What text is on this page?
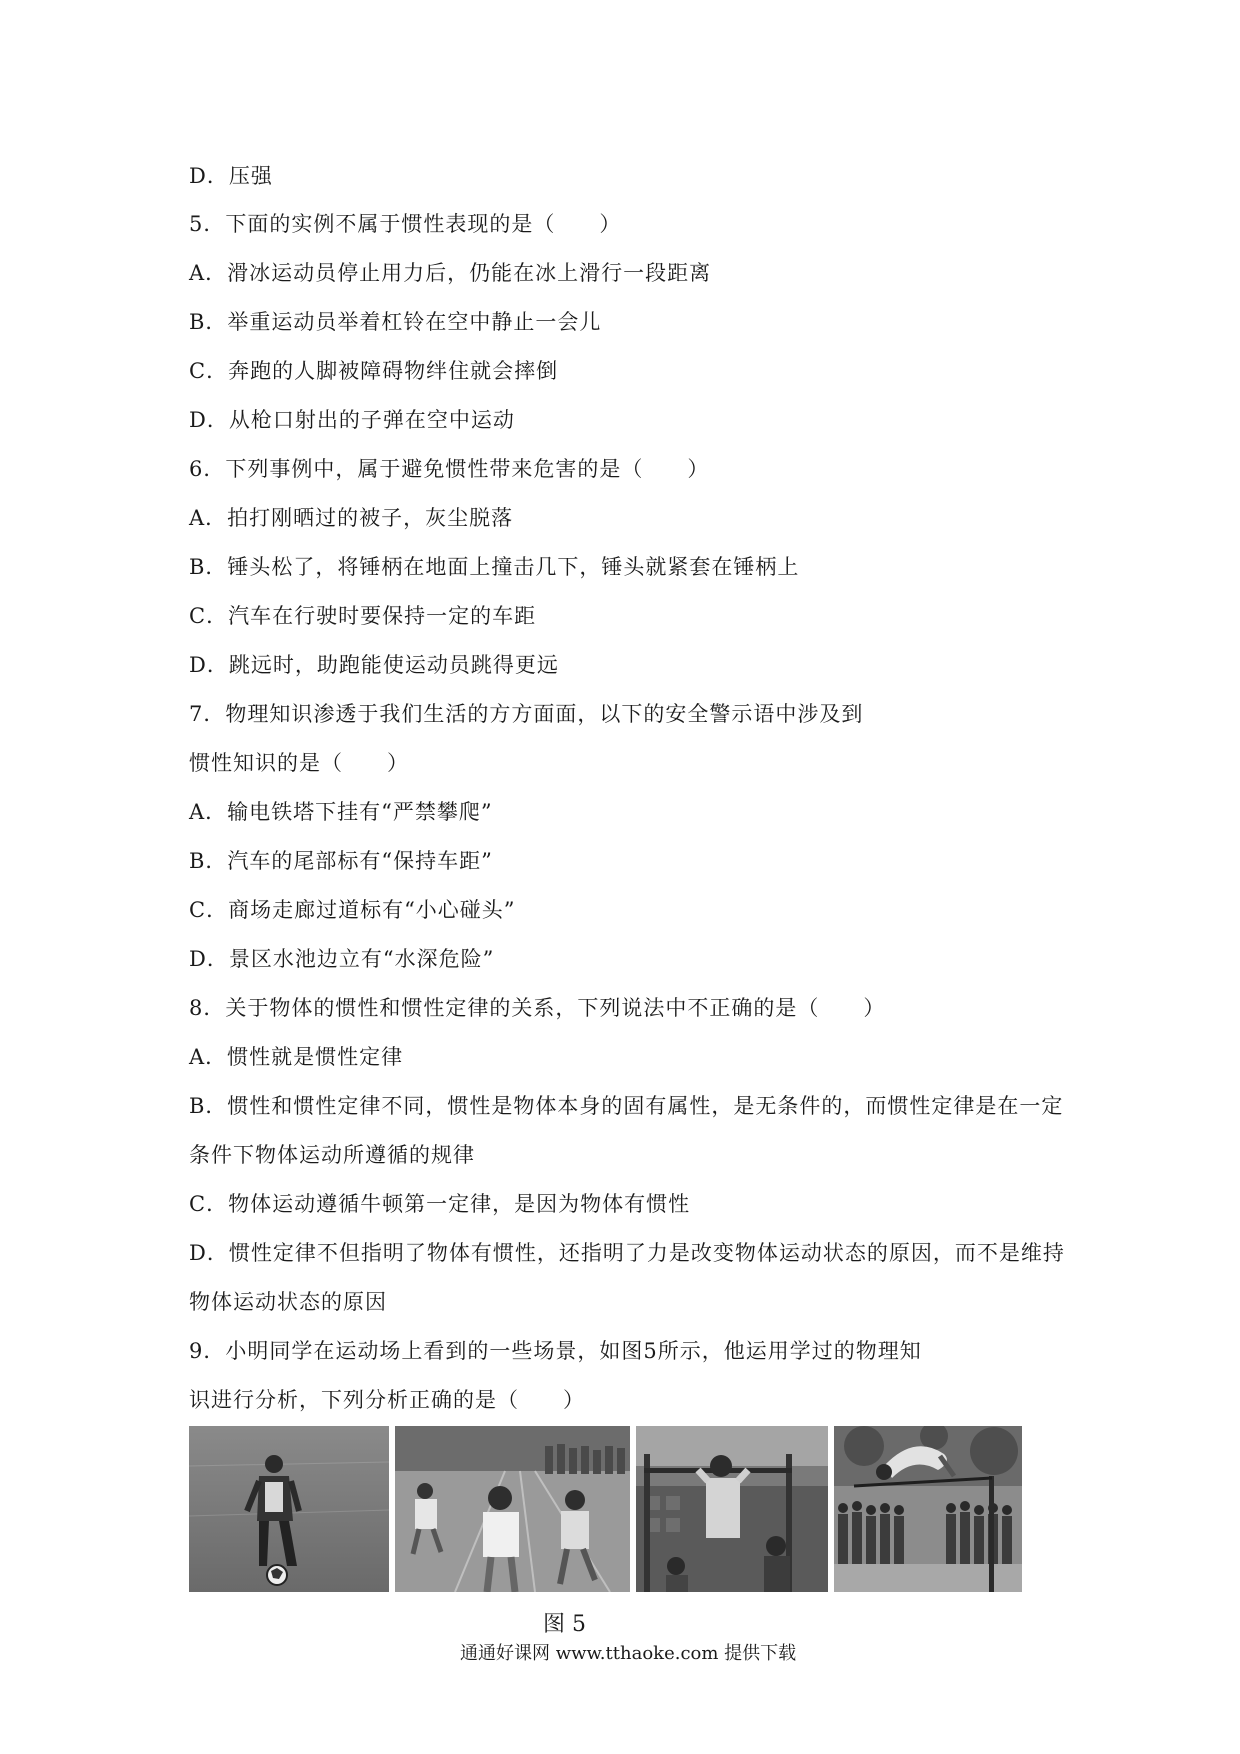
D．压强
5．下面的实例不属于惯性表现的是（　　）
A．滑冰运动员停止用力后，仍能在冰上滑行一段距离
B．举重运动员举着杠铃在空中静止一会儿
C．奔跑的人脚被障碍物绊住就会摔倒
D．从枪口射出的子弹在空中运动
6．下列事例中，属于避免惯性带来危害的是（　　）
A．拍打刚晒过的被子，灰尘脱落
B．锤头松了，将锤柄在地面上撞击几下，锤头就紧套在锤柄上
C．汽车在行驶时要保持一定的车距
D．跳远时，助跑能使运动员跳得更远
7．物理知识渗透于我们生活的方方面面，以下的安全警示语中涉及到
惯性知识的是（　　）
A．输电铁塔下挂有“严禁攀爬”
B．汽车的尾部标有“保持车距”
C．商场走廊过道标有“小心碰头”
D．景区水池边立有“水深危险”
8．关于物体的惯性和惯性定律的关系，下列说法中不正确的是（　　）
A．惯性就是惯性定律
B．惯性和惯性定律不同，惯性是物体本身的固有属性，是无条件的，而惯性定律是在一定
条件下物体运动所遵循的规律
C．物体运动遵循牛顿第一定律，是因为物体有惯性
D．惯性定律不但指明了物体有惯性，还指明了力是改变物体运动状态的原因，而不是维持
物体运动状态的原因
9．小明同学在运动场上看到的一些场景，如图5所示，他运用学过的物理知
识进行分析，下列分析正确的是（　　）
图 5
通通好课网 www.tthaoke.com 提供下载
